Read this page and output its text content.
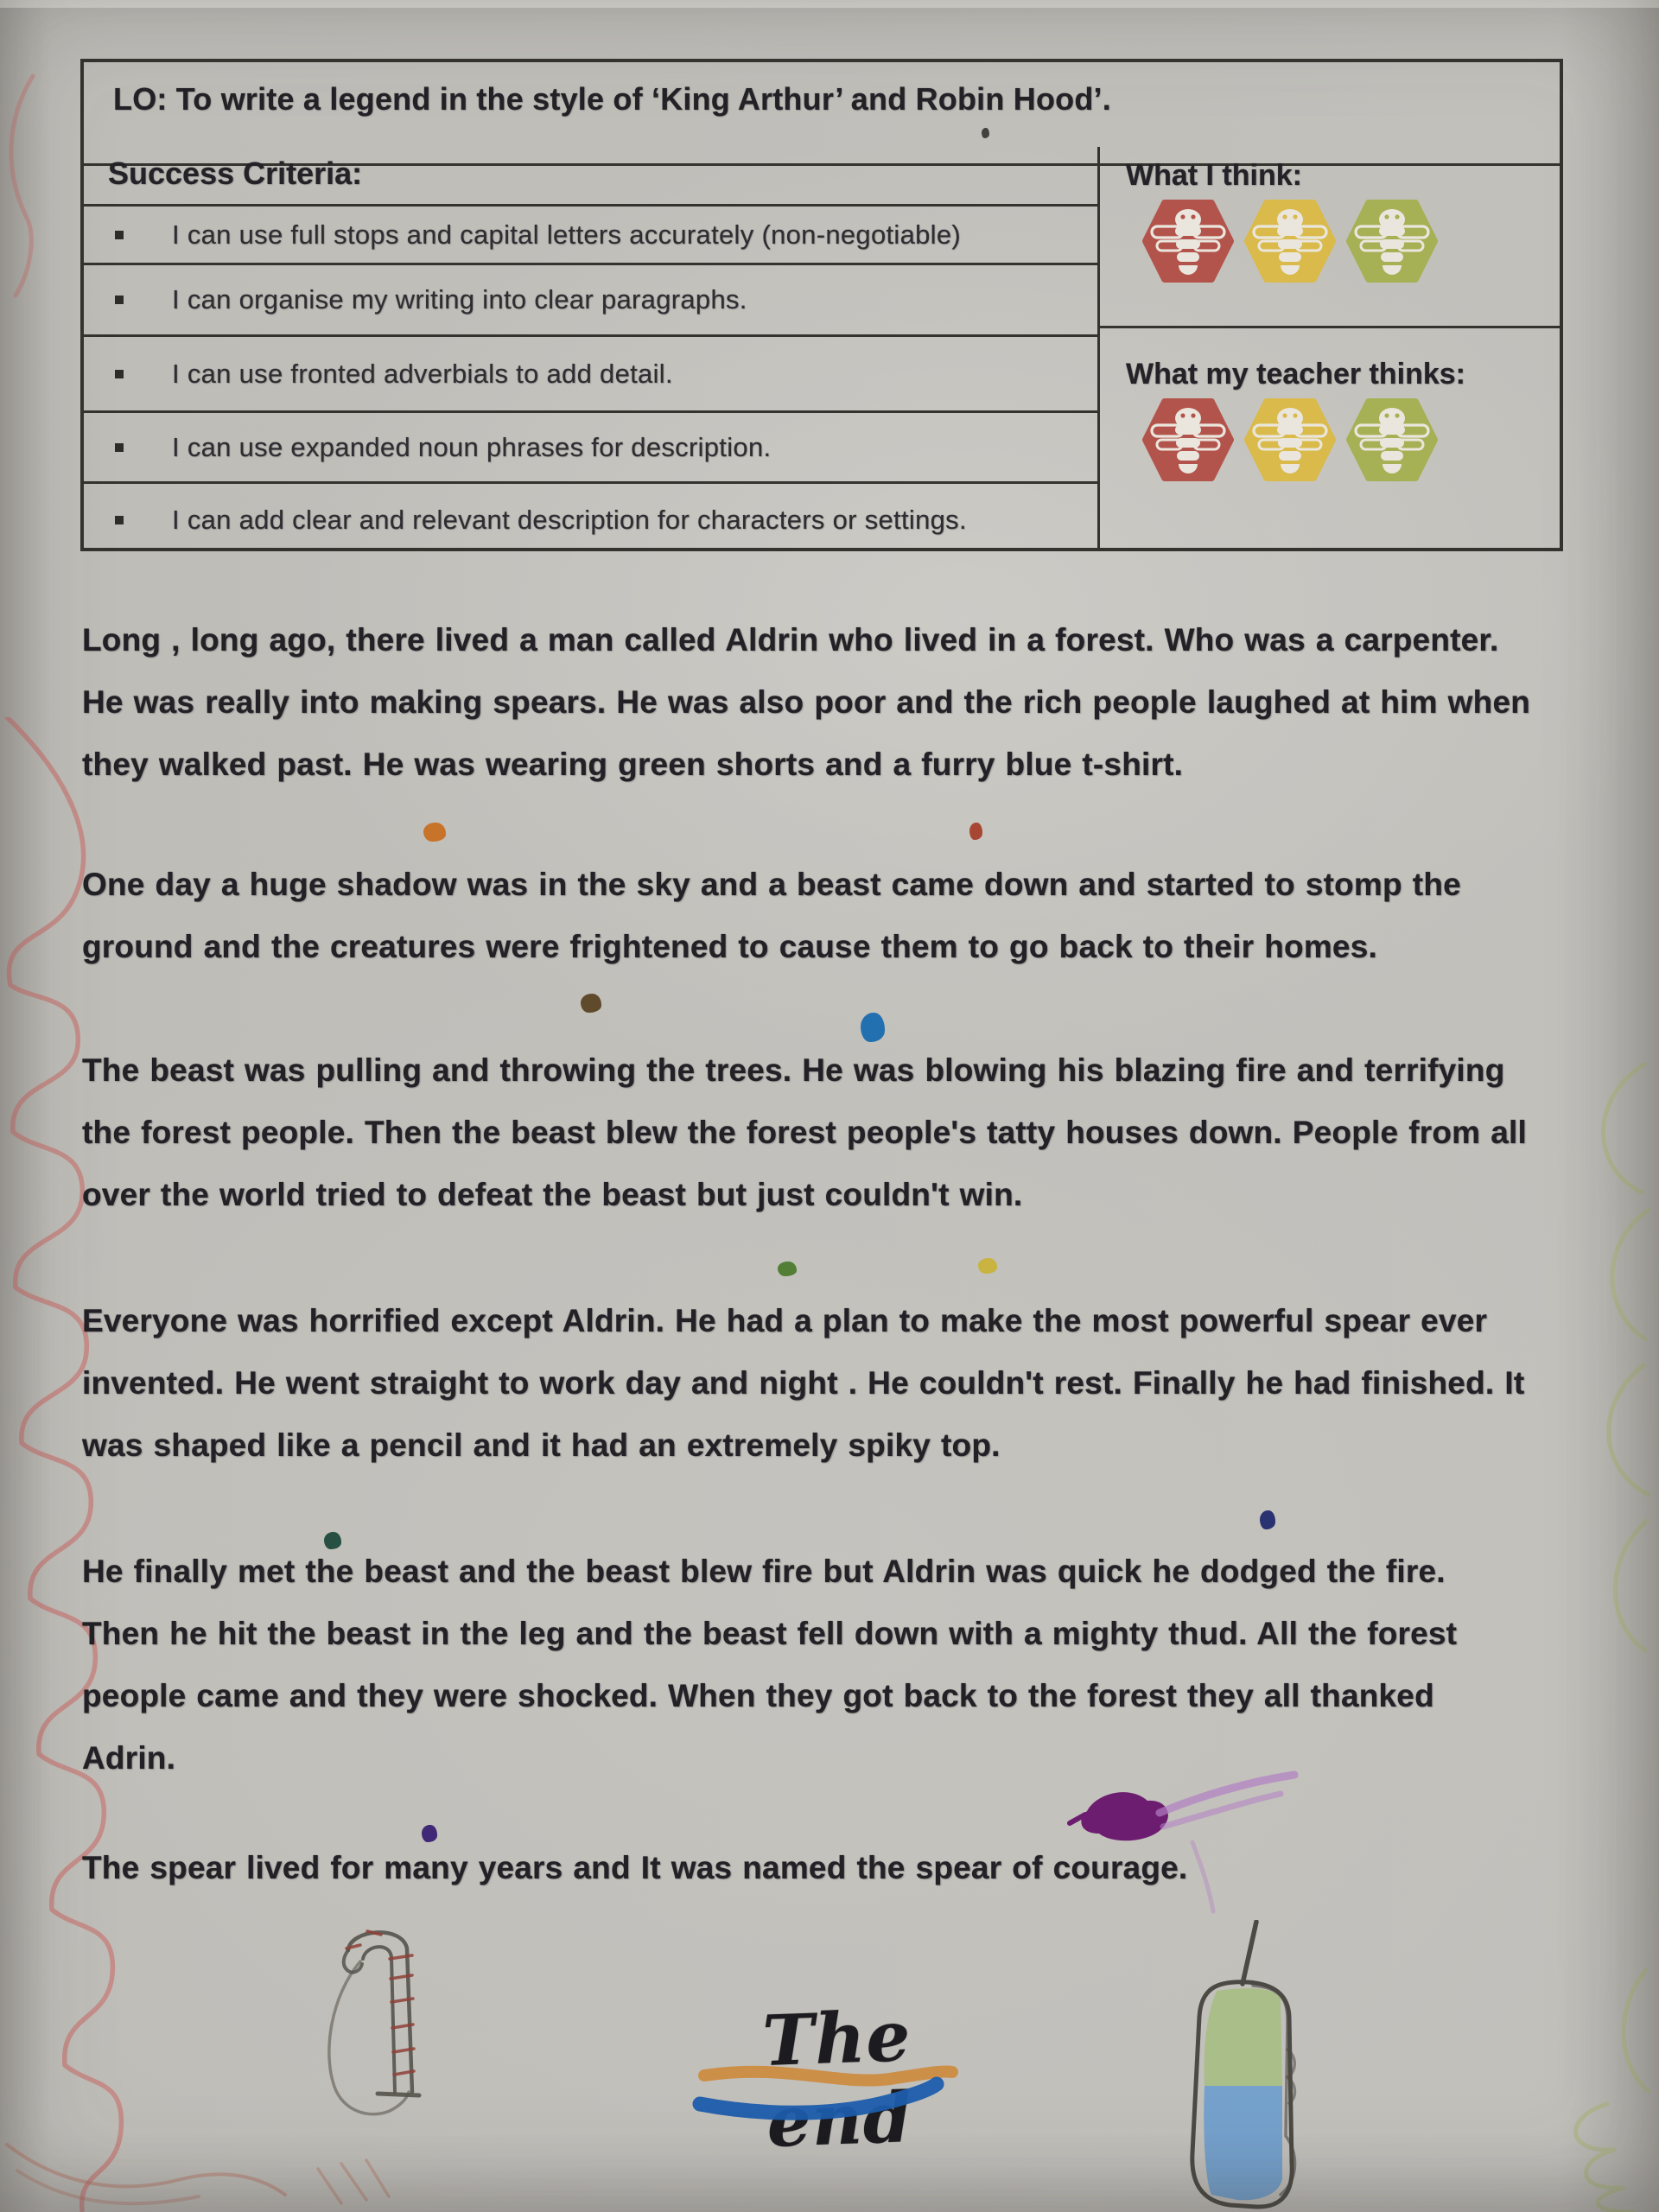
LO: To write a legend in the style of ‘King Arthur’ and Robin Hood’.
Success Criteria:
I can use full stops and capital letters accurately (non-negotiable)
I can organise my writing into clear paragraphs.
I can use fronted adverbials to add detail.
I can use expanded noun phrases for description.
I can add clear and relevant description for characters or settings.
What I think:
What my teacher thinks:
Long , long ago, there lived a man called Aldrin who lived in a forest. Who was a carpenter. He was really into making spears. He was also poor and the rich people laughed at him when they walked past. He was wearing green shorts and a furry blue t-shirt.
One day a huge shadow was in the sky and a beast came down and started to stomp the ground and the creatures were frightened to cause them to go back to their homes.
The beast was pulling and throwing the trees. He was blowing his blazing fire and terrifying the forest people. Then the beast blew the forest people's tatty houses down. People from all over the world tried to defeat the beast but just couldn't win.
Everyone was horrified except Aldrin. He had a plan to make the most powerful spear ever invented. He went straight to work day and night . He couldn't rest. Finally he had finished. It was shaped like a pencil and it had an extremely spiky top.
He finally met the beast and the beast blew fire but Aldrin was quick he dodged the fire. Then he hit the beast in the leg and the beast fell down with a mighty thud. All the forest people came and they were shocked. When they got back to the forest they all thanked Adrin.
The spear lived for many years and It was named the spear of courage.
The end
